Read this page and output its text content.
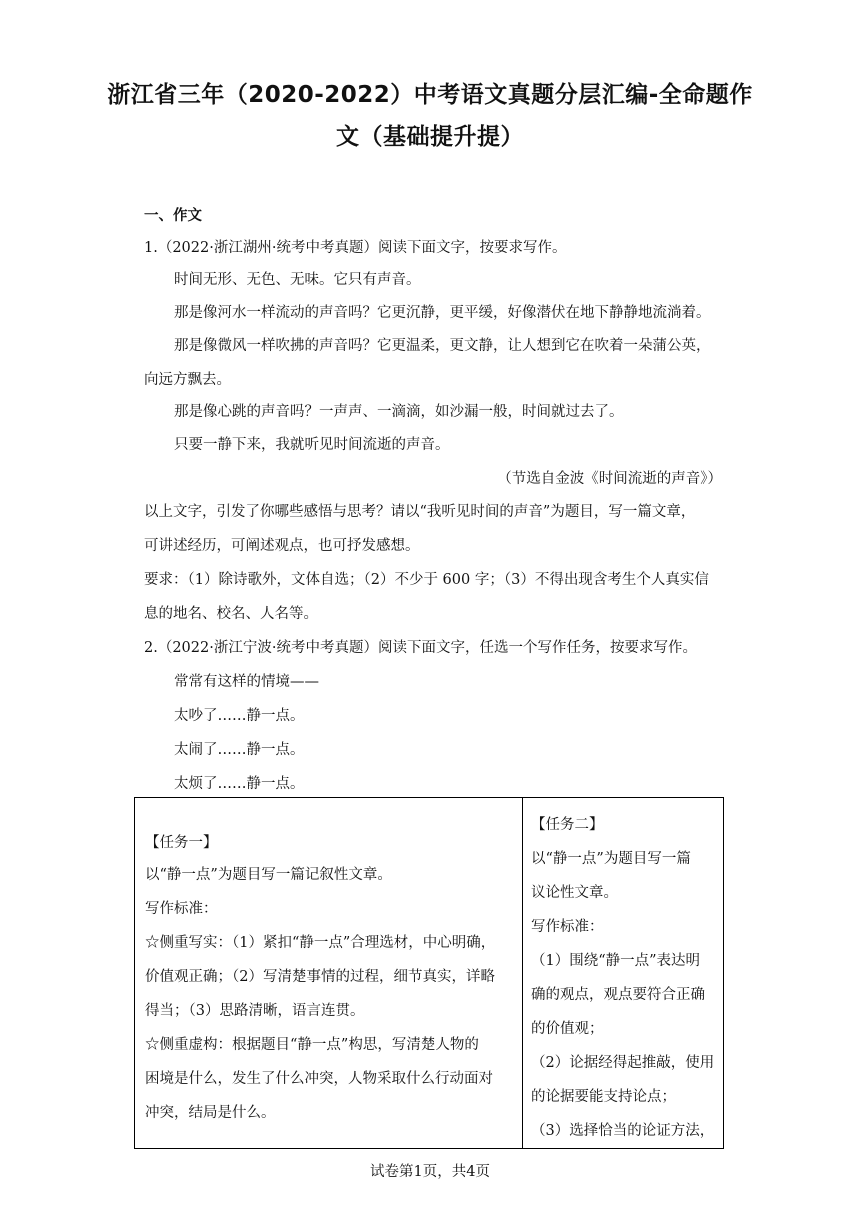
浙江省三年（2020-2022）中考语文真题分层汇编-全命题作
文（基础提升提）
一、作文
1.（2022·浙江湖州·统考中考真题）阅读下面文字，按要求写作。
时间无形、无色、无味。它只有声音。
那是像河水一样流动的声音吗？它更沉静，更平缓，好像潜伏在地下静静地流淌着。
那是像微风一样吹拂的声音吗？它更温柔，更文静，让人想到它在吹着一朵蒲公英，
向远方飘去。
那是像心跳的声音吗？一声声、一滴滴，如沙漏一般，时间就过去了。
只要一静下来，我就听见时间流逝的声音。
（节选自金波《时间流逝的声音》）
以上文字，引发了你哪些感悟与思考？请以“我听见时间的声音”为题目，写一篇文章，
可讲述经历，可阐述观点，也可抒发感想。
要求：（1）除诗歌外，文体自选；（2）不少于 600 字；（3）不得出现含考生个人真实信
息的地名、校名、人名等。
2.（2022·浙江宁波·统考中考真题）阅读下面文字，任选一个写作任务，按要求写作。
常常有这样的情境——
太吵了……静一点。
太闹了……静一点。
太烦了……静一点。
【任务一】
以“静一点”为题目写一篇记叙性文章。
写作标准：
☆侧重写实：（1）紧扣“静一点”合理选材，中心明确，
价值观正确；（2）写清楚事情的过程，细节真实，详略
得当；（3）思路清晰，语言连贯。
☆侧重虚构：根据题目“静一点”构思，写清楚人物的
困境是什么，发生了什么冲突，人物采取什么行动面对
冲突，结局是什么。
【任务二】
以“静一点”为题目写一篇
议论性文章。
写作标准：
（1）围绕“静一点”表达明
确的观点，观点要符合正确
的价值观；
（2）论据经得起推敲，使用
的论据要能支持论点；
（3）选择恰当的论证方法，
试卷第1页，共4页
